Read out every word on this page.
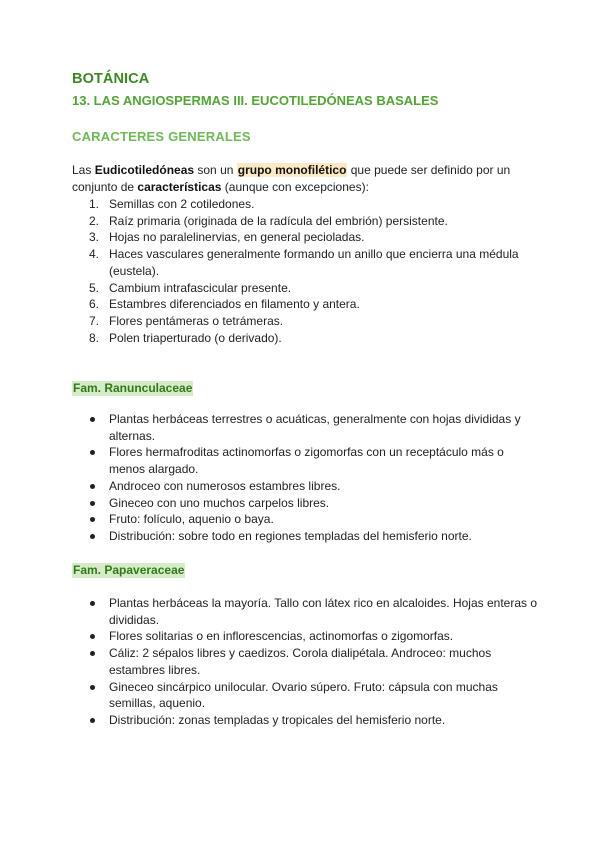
BOTÁNICA
13. LAS ANGIOSPERMAS III. EUCOTILEDÓNEAS BASALES
CARACTERES GENERALES
Las Eudicotiledóneas son un grupo monofilético que puede ser definido por un conjunto de características (aunque con excepciones):
1. Semillas con 2 cotiledones.
2. Raíz primaria (originada de la radícula del embrión) persistente.
3. Hojas no paralelinervias, en general pecioladas.
4. Haces vasculares generalmente formando un anillo que encierra una médula (eustela).
5. Cambium intrafascicular presente.
6. Estambres diferenciados en filamento y antera.
7. Flores pentámeras o tetrámeras.
8. Polen triaperturado (o derivado).
Fam. Ranunculaceae
Plantas herbáceas terrestres o acuáticas, generalmente con hojas divididas y alternas.
Flores hermafroditas actinomorfas o zigomorfas con un receptáculo más o menos alargado.
Androceo con numerosos estambres libres.
Gineceo con uno muchos carpelos libres.
Fruto: folículo, aquenio o baya.
Distribución: sobre todo en regiones templadas del hemisferio norte.
Fam. Papaveraceae
Plantas herbáceas la mayoría. Tallo con látex rico en alcaloides. Hojas enteras o divididas.
Flores solitarias o en inflorescencias, actinomorfas o zigomorfas.
Cáliz: 2 sépalos libres y caedizos. Corola dialipétala. Androceo: muchos estambres libres.
Gineceo sincárpico unilocular. Ovario súpero. Fruto: cápsula con muchas semillas, aquenio.
Distribución: zonas templadas y tropicales del hemisferio norte.
